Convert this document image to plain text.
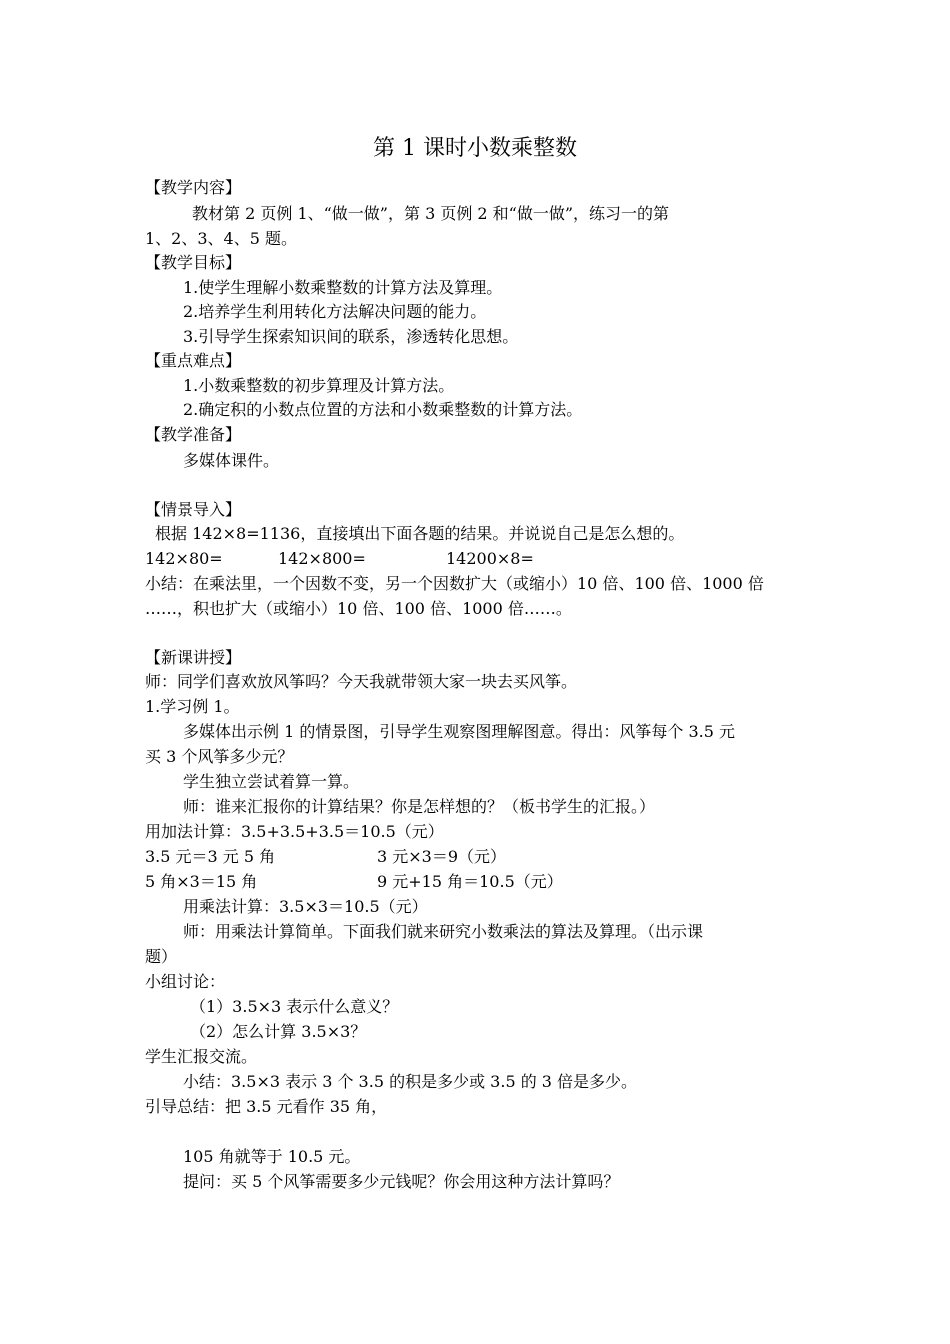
第 1 课时小数乘整数
【教学内容】
教材第 2 页例 1、“做一做”，第 3 页例 2 和“做一做”，练习一的第
1、2、3、4、5 题。
【教学目标】
1.使学生理解小数乘整数的计算方法及算理。
2.培养学生利用转化方法解决问题的能力。
3.引导学生探索知识间的联系，渗透转化思想。
【重点难点】
1.小数乘整数的初步算理及计算方法。
2.确定积的小数点位置的方法和小数乘整数的计算方法。
【教学准备】
多媒体课件。
【情景导入】
根据 142×8=1136，直接填出下面各题的结果。并说说自己是怎么想的。
142×80=	142×800=	14200×8=
小结：在乘法里，一个因数不变，另一个因数扩大（或缩小）10 倍、100 倍、1000 倍
……，积也扩大（或缩小）10 倍、100 倍、1000 倍……。
【新课讲授】
师：同学们喜欢放风筝吗？今天我就带领大家一块去买风筝。
1.学习例 1。
多媒体出示例 1 的情景图，引导学生观察图理解图意。得出：风筝每个 3.5 元
买 3 个风筝多少元？
学生独立尝试着算一算。
师：谁来汇报你的计算结果？你是怎样想的？（板书学生的汇报。）
用加法计算：3.5+3.5+3.5＝10.5（元）
3.5 元＝3 元 5 角	3 元×3＝9（元）
5 角×3＝15 角	9 元+15 角＝10.5（元）
用乘法计算：3.5×3＝10.5（元）
师：用乘法计算简单。下面我们就来研究小数乘法的算法及算理。（出示课
题）
小组讨论：
（1）3.5×3 表示什么意义？
（2）怎么计算 3.5×3？
学生汇报交流。
小结：3.5×3 表示 3 个 3.5 的积是多少或 3.5 的 3 倍是多少。
引导总结：把 3.5 元看作 35 角，
105 角就等于 10.5 元。
提问：买 5 个风筝需要多少元钱呢？你会用这种方法计算吗？
